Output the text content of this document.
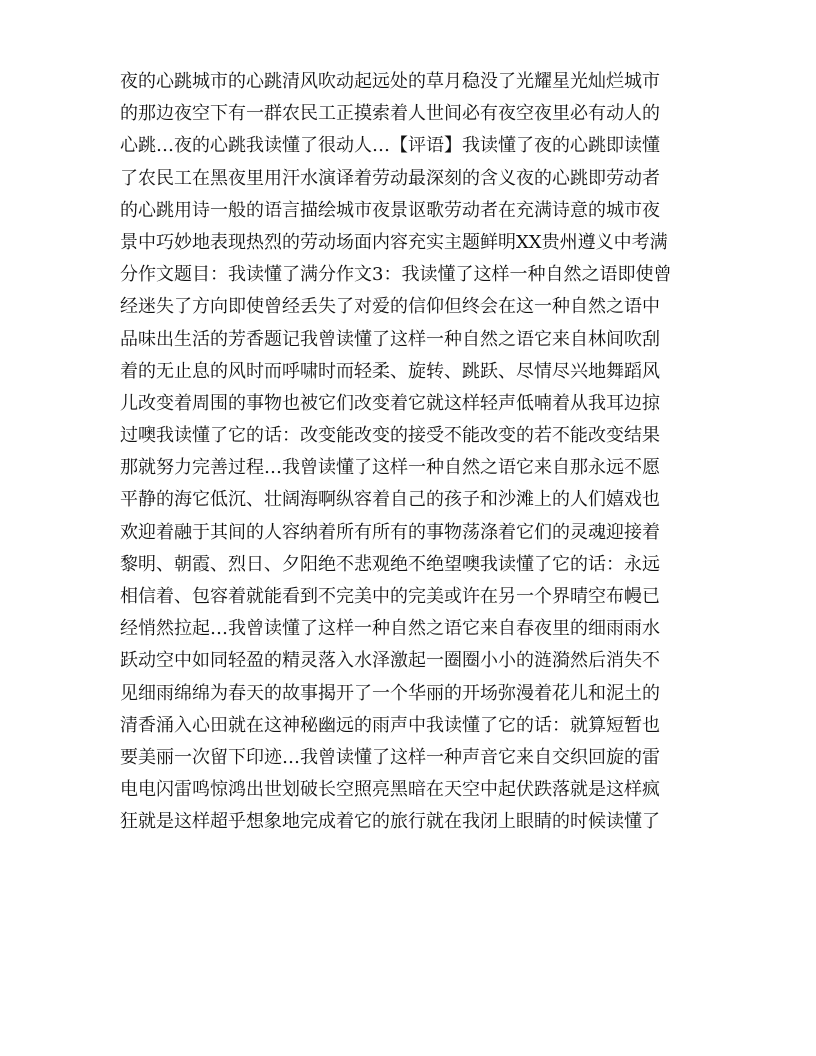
夜的心跳城市的心跳清风吹动起远处的草月稳没了光耀星光灿烂城市
的那边夜空下有一群农民工正摸索着人世间必有夜空夜里必有动人的
心跳…夜的心跳我读懂了很动人…【评语】我读懂了夜的心跳即读懂
了农民工在黑夜里用汗水演译着劳动最深刻的含义夜的心跳即劳动者
的心跳用诗一般的语言描绘城市夜景讴歌劳动者在充满诗意的城市夜
景中巧妙地表现热烈的劳动场面内容充实主题鲜明XX贵州遵义中考满
分作文题目：我读懂了满分作文3：我读懂了这样一种自然之语即使曾
经迷失了方向即使曾经丢失了对爱的信仰但终会在这一种自然之语中
品味出生活的芳香题记我曾读懂了这样一种自然之语它来自林间吹刮
着的无止息的风时而呼啸时而轻柔、旋转、跳跃、尽情尽兴地舞蹈风
儿改变着周围的事物也被它们改变着它就这样轻声低喃着从我耳边掠
过噢我读懂了它的话：改变能改变的接受不能改变的若不能改变结果
那就努力完善过程…我曾读懂了这样一种自然之语它来自那永远不愿
平静的海它低沉、壮阔海啊纵容着自己的孩子和沙滩上的人们嬉戏也
欢迎着融于其间的人容纳着所有所有的事物荡涤着它们的灵魂迎接着
黎明、朝霞、烈日、夕阳绝不悲观绝不绝望噢我读懂了它的话：永远
相信着、包容着就能看到不完美中的完美或许在另一个界晴空布幔已
经悄然拉起…我曾读懂了这样一种自然之语它来自春夜里的细雨雨水
跃动空中如同轻盈的精灵落入水泽激起一圈圈小小的涟漪然后消失不
见细雨绵绵为春天的故事揭开了一个华丽的开场弥漫着花儿和泥土的
清香涌入心田就在这神秘幽远的雨声中我读懂了它的话：就算短暂也
要美丽一次留下印迹…我曾读懂了这样一种声音它来自交织回旋的雷
电电闪雷鸣惊鸿出世划破长空照亮黑暗在天空中起伏跌落就是这样疯
狂就是这样超乎想象地完成着它的旅行就在我闭上眼睛的时候读懂了
